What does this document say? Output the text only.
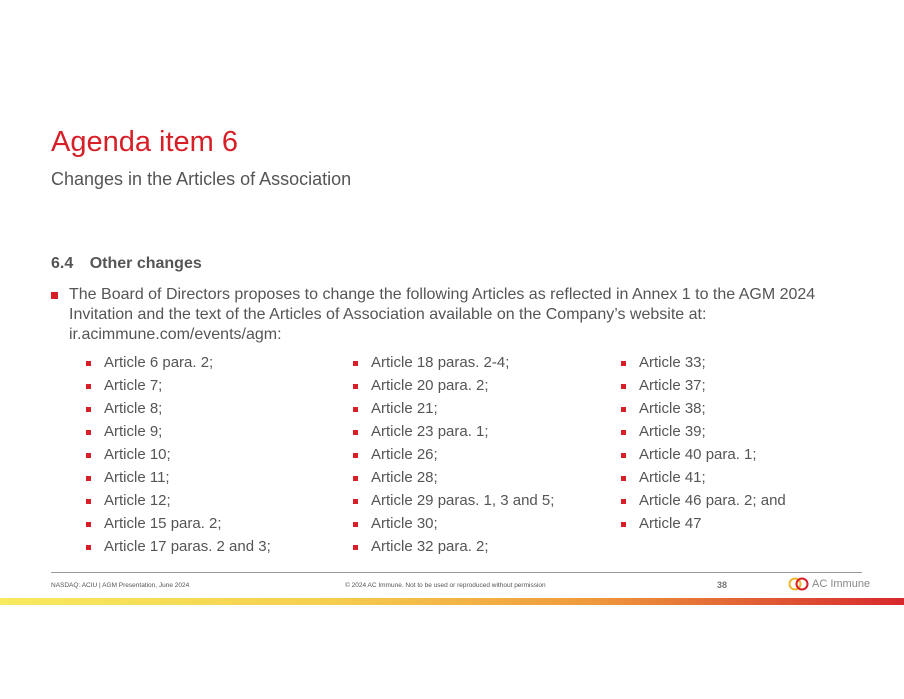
Agenda item 6
Changes in the Articles of Association
6.4 Other changes
The Board of Directors proposes to change the following Articles as reflected in Annex 1 to the AGM 2024 Invitation and the text of the Articles of Association available on the Company’s website at: ir.acimmune.com/events/agm:
Article 6 para. 2;
Article 7;
Article 8;
Article 9;
Article 10;
Article 11;
Article 12;
Article 15 para. 2;
Article 17 paras. 2 and 3;
Article 18 paras. 2-4;
Article 20 para. 2;
Article 21;
Article 23 para. 1;
Article 26;
Article 28;
Article 29 paras. 1, 3 and 5;
Article 30;
Article 32 para. 2;
Article 33;
Article 37;
Article 38;
Article 39;
Article 40 para. 1;
Article 41;
Article 46 para. 2; and
Article 47
NASDAQ: ACIU | AGM Presentation, June 2024	© 2024 AC Immune. Not to be used or reproduced without permission	38	AC Immune
